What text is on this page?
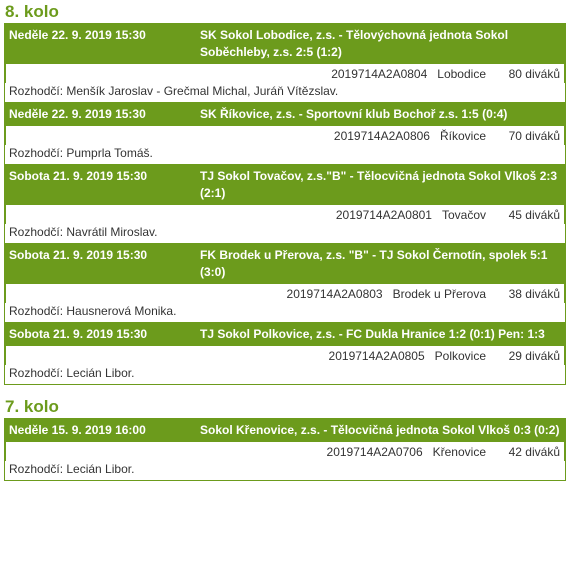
8. kolo
Neděle 22. 9. 2019 15:30	SK Sokol Lobodice, z.s. - Tělovýchovná jednota Sokol Soběchleby, z.s. 2:5 (1:2)
2019714A2A0804 Lobodice	80 diváků
Rozhodčí: Menšík Jaroslav - Grečmal Michal, Juráň Vítězslav.
Neděle 22. 9. 2019 15:30	SK Říkovice, z.s. - Sportovní klub Bochoř z.s. 1:5 (0:4)
2019714A2A0806 Říkovice	70 diváků
Rozhodčí: Pumprla Tomáš.
Sobota 21. 9. 2019 15:30	TJ Sokol Tovačov, z.s."B" - Tělocvičná jednota Sokol Vlkoš 2:3 (2:1)
2019714A2A0801 Tovačov	45 diváků
Rozhodčí: Navrátil Miroslav.
Sobota 21. 9. 2019 15:30	FK Brodek u Přerova, z.s. "B" - TJ Sokol Černotín, spolek 5:1 (3:0)
2019714A2A0803 Brodek u Přerova	38 diváků
Rozhodčí: Hausnerová Monika.
Sobota 21. 9. 2019 15:30	TJ Sokol Polkovice, z.s. - FC Dukla Hranice 1:2 (0:1) Pen: 1:3
2019714A2A0805 Polkovice	29 diváků
Rozhodčí: Lecián Libor.
7. kolo
Neděle 15. 9. 2019 16:00	Sokol Křenovice, z.s. - Tělocvičná jednota Sokol Vlkoš 0:3 (0:2)
2019714A2A0706 Křenovice	42 diváků
Rozhodčí: Lecián Libor.
